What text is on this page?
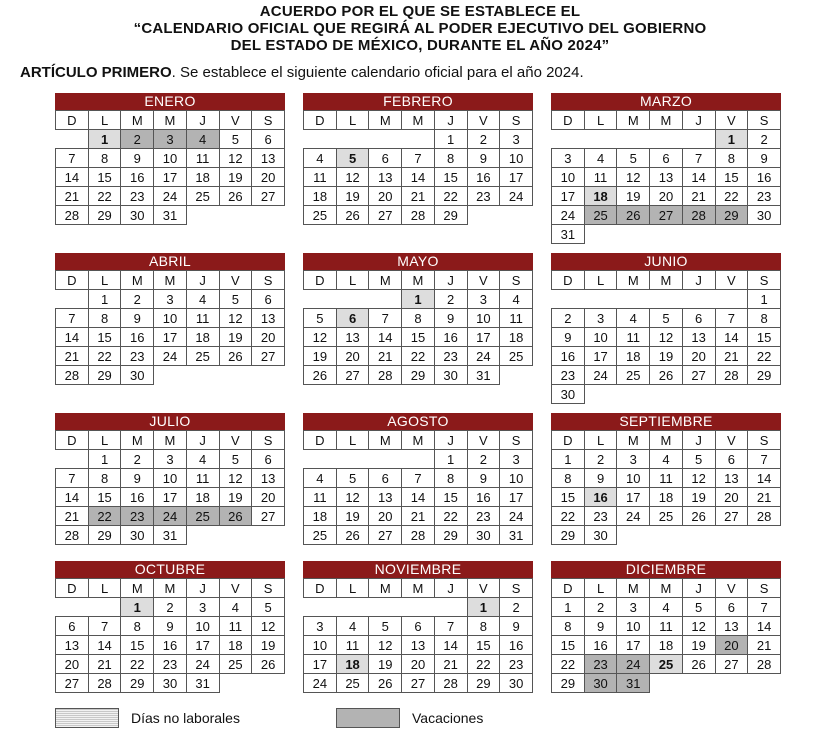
ACUERDO POR EL QUE SE ESTABLECE EL
“CALENDARIO OFICIAL QUE REGIRÁ AL PODER EJECUTIVO DEL GOBIERNO
DEL ESTADO DE MÉXICO, DURANTE EL AÑO 2024”
ARTÍCULO PRIMERO. Se establece el siguiente calendario oficial para el año 2024.
ENERO
D	L	M	M	J	V	S
	1	2	3	4	5	6
7	8	9	10	11	12	13
14	15	16	17	18	19	20
21	22	23	24	25	26	27
28	29	30	31			
FEBRERO
D	L	M	M	J	V	S
				1	2	3
4	5	6	7	8	9	10
11	12	13	14	15	16	17
18	19	20	21	22	23	24
25	26	27	28	29		
MARZO
D	L	M	M	J	V	S
					1	2
3	4	5	6	7	8	9
10	11	12	13	14	15	16
17	18	19	20	21	22	23
24	25	26	27	28	29	30
31						
ABRIL
D	L	M	M	J	V	S
	1	2	3	4	5	6
7	8	9	10	11	12	13
14	15	16	17	18	19	20
21	22	23	24	25	26	27
28	29	30				
MAYO
D	L	M	M	J	V	S
			1	2	3	4
5	6	7	8	9	10	11
12	13	14	15	16	17	18
19	20	21	22	23	24	25
26	27	28	29	30	31	
JUNIO
D	L	M	M	J	V	S
						1
2	3	4	5	6	7	8
9	10	11	12	13	14	15
16	17	18	19	20	21	22
23	24	25	26	27	28	29
30						
JULIO
D	L	M	M	J	V	S
	1	2	3	4	5	6
7	8	9	10	11	12	13
14	15	16	17	18	19	20
21	22	23	24	25	26	27
28	29	30	31			
AGOSTO
D	L	M	M	J	V	S
				1	2	3
4	5	6	7	8	9	10
11	12	13	14	15	16	17
18	19	20	21	22	23	24
25	26	27	28	29	30	31
SEPTIEMBRE
D	L	M	M	J	V	S
1	2	3	4	5	6	7
8	9	10	11	12	13	14
15	16	17	18	19	20	21
22	23	24	25	26	27	28
29	30					
OCTUBRE
D	L	M	M	J	V	S
		1	2	3	4	5
6	7	8	9	10	11	12
13	14	15	16	17	18	19
20	21	22	23	24	25	26
27	28	29	30	31		
NOVIEMBRE
D	L	M	M	J	V	S
					1	2
3	4	5	6	7	8	9
10	11	12	13	14	15	16
17	18	19	20	21	22	23
24	25	26	27	28	29	30
DICIEMBRE
D	L	M	M	J	V	S
1	2	3	4	5	6	7
8	9	10	11	12	13	14
15	16	17	18	19	20	21
22	23	24	25	26	27	28
29	30	31				
Días no laborales	Vacaciones
